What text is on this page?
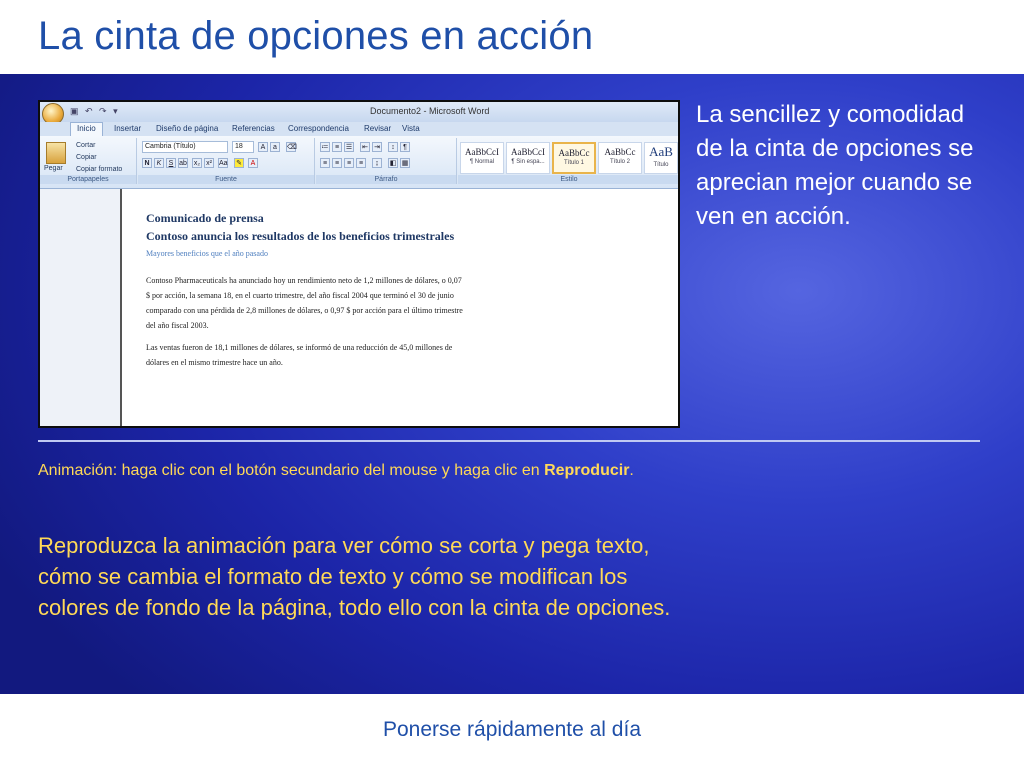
La cinta de opciones en acción
▣ ↶ ↷ ▾	Documento2 - Microsoft Word
Inicio	Insertar Diseño de página Referencias Correspondencia Revisar Vista
Pegar
Cortar
Copiar
Copiar formato
Portapapeles
Cambria (Título)	18	A	a	⌫
N	K	S ab x₂ x² Aa ✎	A
Fuente
≔ ≡ ☰ ⇤ ⇥	↕	¶
≡	≡	≡	≡	↨	◧ ▦
Párrafo
AaBbCcI
¶ Normal
AaBbCcI
¶ Sin espa...
AaBbCc
Título 1
AaBbCc
Título 2
AaB
Título
Estilo
Comunicado de prensa
Contoso anuncia los resultados de los beneficios trimestrales
Mayores beneficios que el año pasado
Contoso Pharmaceuticals ha anunciado hoy un rendimiento neto de 1,2 millones de dólares, o 0,07
$ por acción, la semana 18, en el cuarto trimestre, del año fiscal 2004 que terminó el 30 de junio
comparado con una pérdida de 2,8 millones de dólares, o 0,97 $ por acción para el último trimestre
del año fiscal 2003.
Las ventas fueron de 18,1 millones de dólares, se informó de una reducción de 45,0 millones de
dólares en el mismo trimestre hace un año.
La sencillez y comodidad de la cinta de opciones se aprecian mejor cuando se ven en acción.
Animación: haga clic con el botón secundario del mouse y haga clic en Reproducir.
Reproduzca la animación para ver cómo se corta y pega texto, cómo se cambia el formato de texto y cómo se modifican los colores de fondo de la página, todo ello con la cinta de opciones.
Ponerse rápidamente al día
